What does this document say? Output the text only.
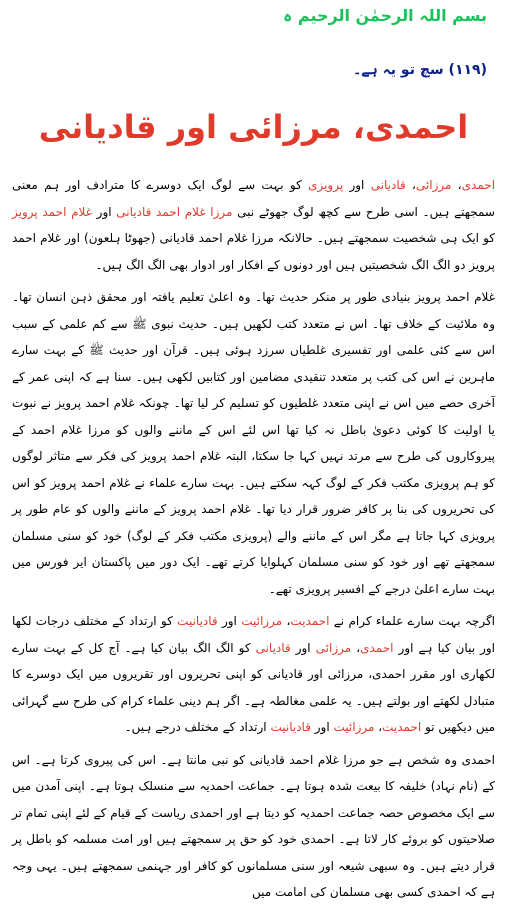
بسم اللہ الرحمٰن الرحیم ہ
(۱۱۹) سچ تو یہ ہے۔
احمدی، مرزائی اور قادیانی

احمدی، مرزائی، قادیانی اور پرویزی کو بہت سے لوگ ایک دوسرے کا مترادف اور ہم معنی سمجھتے ہیں۔ اسی طرح سے کچھ لوگ جھوٹے نبی مرزا غلام احمد قادیانی اور غلام احمد پرویز کو ایک ہی شخصیت سمجھتے ہیں۔ حالانکہ مرزا غلام احمد قادیانی (جھوٹا ہلعون) اور غلام احمد پرویز دو الگ الگ شخصیتیں ہیں اور دونوں کے افکار اور ادوار بھی الگ الگ ہیں۔

غلام احمد پرویز بنیادی طور پر منکر حدیث تھا۔ وہ اعلیٰ تعلیم یافتہ اور محقق ذہن انسان تھا۔ وہ ملائیت کے خلاف تھا۔ اس نے متعدد کتب لکھیں ہیں۔ حدیث نبوی ﷺ سے کم علمی کے سبب اس سے کئی علمی اور تفسیری غلطیاں سرزد ہوئی ہیں۔ قرآن اور حدیث ﷺ کے بہت سارے ماہرین نے اس کی کتب پر متعدد تنقیدی مضامین اور کتابیں لکھی ہیں۔ سنا ہے کہ اپنی عمر کے آخری حصے میں اس نے اپنی متعدد غلطیوں کو تسلیم کر لیا تھا۔ چونکہ غلام احمد پرویز نے نبوت یا اولیت کا کوئی دعویٰ باطل نہ کیا تھا اس لئے اس کے ماننے والوں کو مرزا غلام احمد کے پیروکاروں کی طرح سے مرتد نہیں کہا جا سکتا، البتہ غلام احمد پرویز کی فکر سے متاثر لوگوں کو ہم پرویزی مکتب فکر کے لوگ کہہ سکتے ہیں۔ بہت سارے علماء نے غلام احمد پرویز کو اس کی تحریروں کی بنا پر کافر ضرور قرار دیا تھا۔ غلام احمد پرویز کے ماننے والوں کو عام طور پر پرویزی کہا جاتا ہے مگر اس کے ماننے والے (پرویزی مکتب فکر کے لوگ) خود کو سنی مسلمان سمجھتے تھے اور خود کو سنی مسلمان کہلوایا کرتے تھے۔ ایک دور میں پاکستان ایر فورس میں بہت سارے اعلیٰ درجے کے افسیر پرویزی تھے۔

اگرچہ بہت سارے علماء کرام نے احمدیت، مرزائیت اور قادیانیت کو ارتداد کے مختلف درجات لکھا اور بیان کیا ہے اور احمدی، مرزائی اور قادیانی کو الگ الگ بیان کیا ہے۔ آج کل کے بہت سارے لکھاری اور مقرر احمدی، مرزائی اور قادیانی کو اپنی تحریروں اور تقریروں میں ایک دوسرے کا متبادل لکھتے اور بولتے ہیں۔ یہ علمی مغالطہ ہے۔ اگر ہم دینی علماء کرام کی طرح سے گہرائی میں دیکھیں تو احمدیت، مرزائیت اور قادیانیت ارتداد کے مختلف درجے ہیں۔

احمدی وہ شخص ہے جو مرزا غلام احمد قادیانی کو نبی مانتا ہے۔ اس کی پیروی کرتا ہے۔ اس کے (نام نہاد) خلیفہ کا بیعت شدہ ہوتا ہے۔ جماعت احمدیہ سے منسلک ہوتا ہے۔ اپنی آمدن میں سے ایک مخصوص حصہ جماعت احمدیہ کو دیتا ہے اور احمدی ریاست کے قیام کے لئے اپنی تمام تر صلاحیتوں کو بروئے کار لاتا ہے۔ احمدی خود کو حق پر سمجھتے ہیں اور امت مسلمہ کو باطل پر قرار دیتے ہیں۔ وہ سبھی شیعہ اور سنی مسلمانوں کو کافر اور جہنمی سمجھتے ہیں۔ یہی وجہ ہے کہ احمدی کسی بھی مسلمان کی امامت میں
